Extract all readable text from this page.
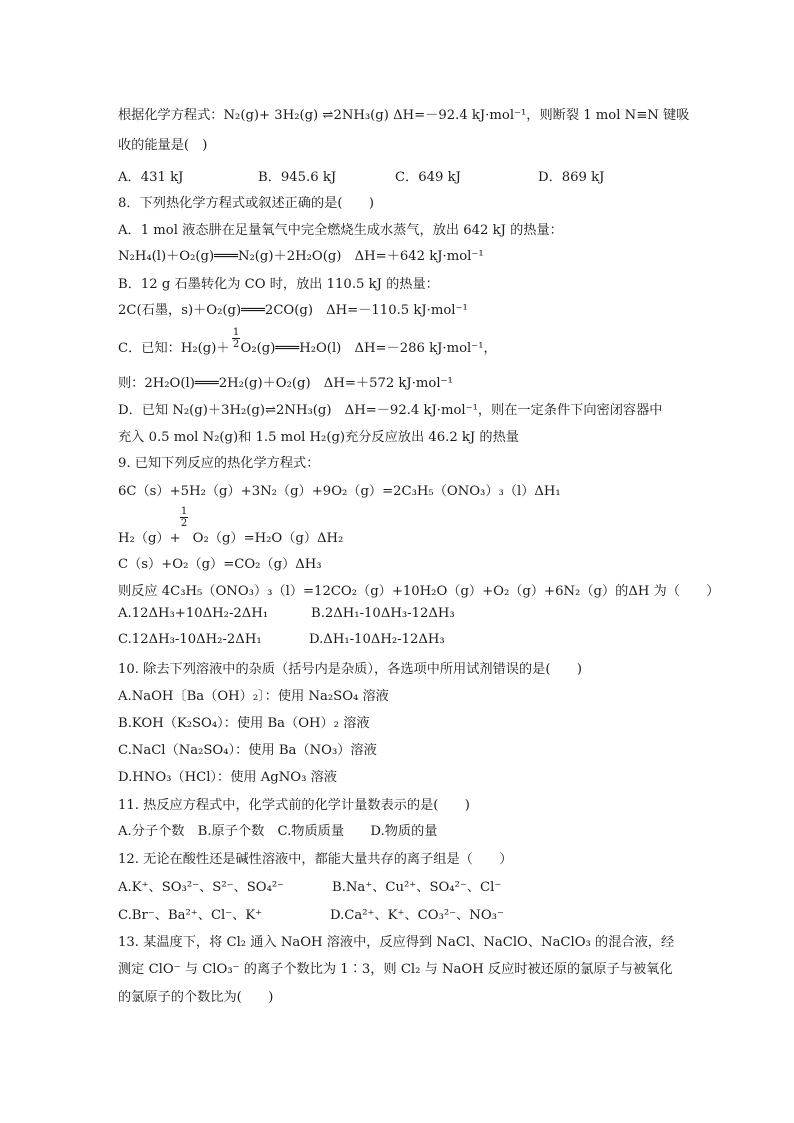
根据化学方程式：N₂(g)+ 3H₂(g) ⇌2NH₃(g) ΔH=－92.4 kJ·mol⁻¹，则断裂 1 mol N≡N 键吸
收的能量是(　)
A．431 kJ	B．945.6 kJ	C．649 kJ	D．869 kJ
8．下列热化学方程式或叙述正确的是(　　)
A．1 mol 液态肼在足量氧气中完全燃烧生成水蒸气，放出 642 kJ 的热量：
N₂H₄(l)＋O₂(g)═══N₂(g)＋2H₂O(g)　ΔH=＋642 kJ·mol⁻¹
B．12 g 石墨转化为 CO 时，放出 110.5 kJ 的热量：
2C(石墨，s)＋O₂(g)═══2CO(g)　ΔH=－110.5 kJ·mol⁻¹
C．已知：H₂(g)＋ O₂(g)═══H₂O(l)　ΔH=－286 kJ·mol⁻¹，
$\frac{1}{2}$
则：2H₂O(l)═══2H₂(g)＋O₂(g)　ΔH=＋572 kJ·mol⁻¹
D．已知 N₂(g)＋3H₂(g)⇌2NH₃(g)　ΔH=－92.4 kJ·mol⁻¹，则在一定条件下向密闭容器中
充入 0.5 mol N₂(g)和 1.5 mol H₂(g)充分反应放出 46.2 kJ 的热量
9. 已知下列反应的热化学方程式：
6C（s）+5H₂（g）+3N₂（g）+9O₂（g）=2C₃H₅（ONO₃）₃（l）ΔH₁
$\frac{1}{2}$
H₂（g）+ O₂（g）=H₂O（g）ΔH₂
C（s）+O₂（g）=CO₂（g）ΔH₃
则反应 4C₃H₅（ONO₃）₃（l）=12CO₂（g）+10H₂O（g）+O₂（g）+6N₂（g）的ΔH 为（　　）
A.12ΔH₃+10ΔH₂-2ΔH₁	B.2ΔH₁-10ΔH₃-12ΔH₃
C.12ΔH₃-10ΔH₂-2ΔH₁	D.ΔH₁-10ΔH₂-12ΔH₃
10. 除去下列溶液中的杂质（括号内是杂质），各选项中所用试剂错误的是(　　)
A.NaOH〔Ba（OH）₂〕：使用 Na₂SO₄ 溶液
B.KOH（K₂SO₄）：使用 Ba（OH）₂ 溶液
C.NaCl（Na₂SO₄）：使用 Ba（NO₃）溶液
D.HNO₃（HCl）：使用 AgNO₃ 溶液
11. 热反应方程式中，化学式前的化学计量数表示的是(　　)
A.分子个数　B.原子个数　C.物质质量　　D.物质的量
12. 无论在酸性还是碱性溶液中，都能大量共存的离子组是（　　）
A.K⁺、SO₃²⁻、S²⁻、SO₄²⁻	B.Na⁺、Cu²⁺、SO₄²⁻、Cl⁻
C.Br⁻、Ba²⁺、Cl⁻、K⁺	D.Ca²⁺、K⁺、CO₃²⁻、NO₃⁻
13. 某温度下，将 Cl₂ 通入 NaOH 溶液中，反应得到 NaCl、NaClO、NaClO₃ 的混合液，经
测定 ClO⁻ 与 ClO₃⁻ 的离子个数比为 1∶3，则 Cl₂ 与 NaOH 反应时被还原的氯原子与被氧化
的氯原子的个数比为(　　)
